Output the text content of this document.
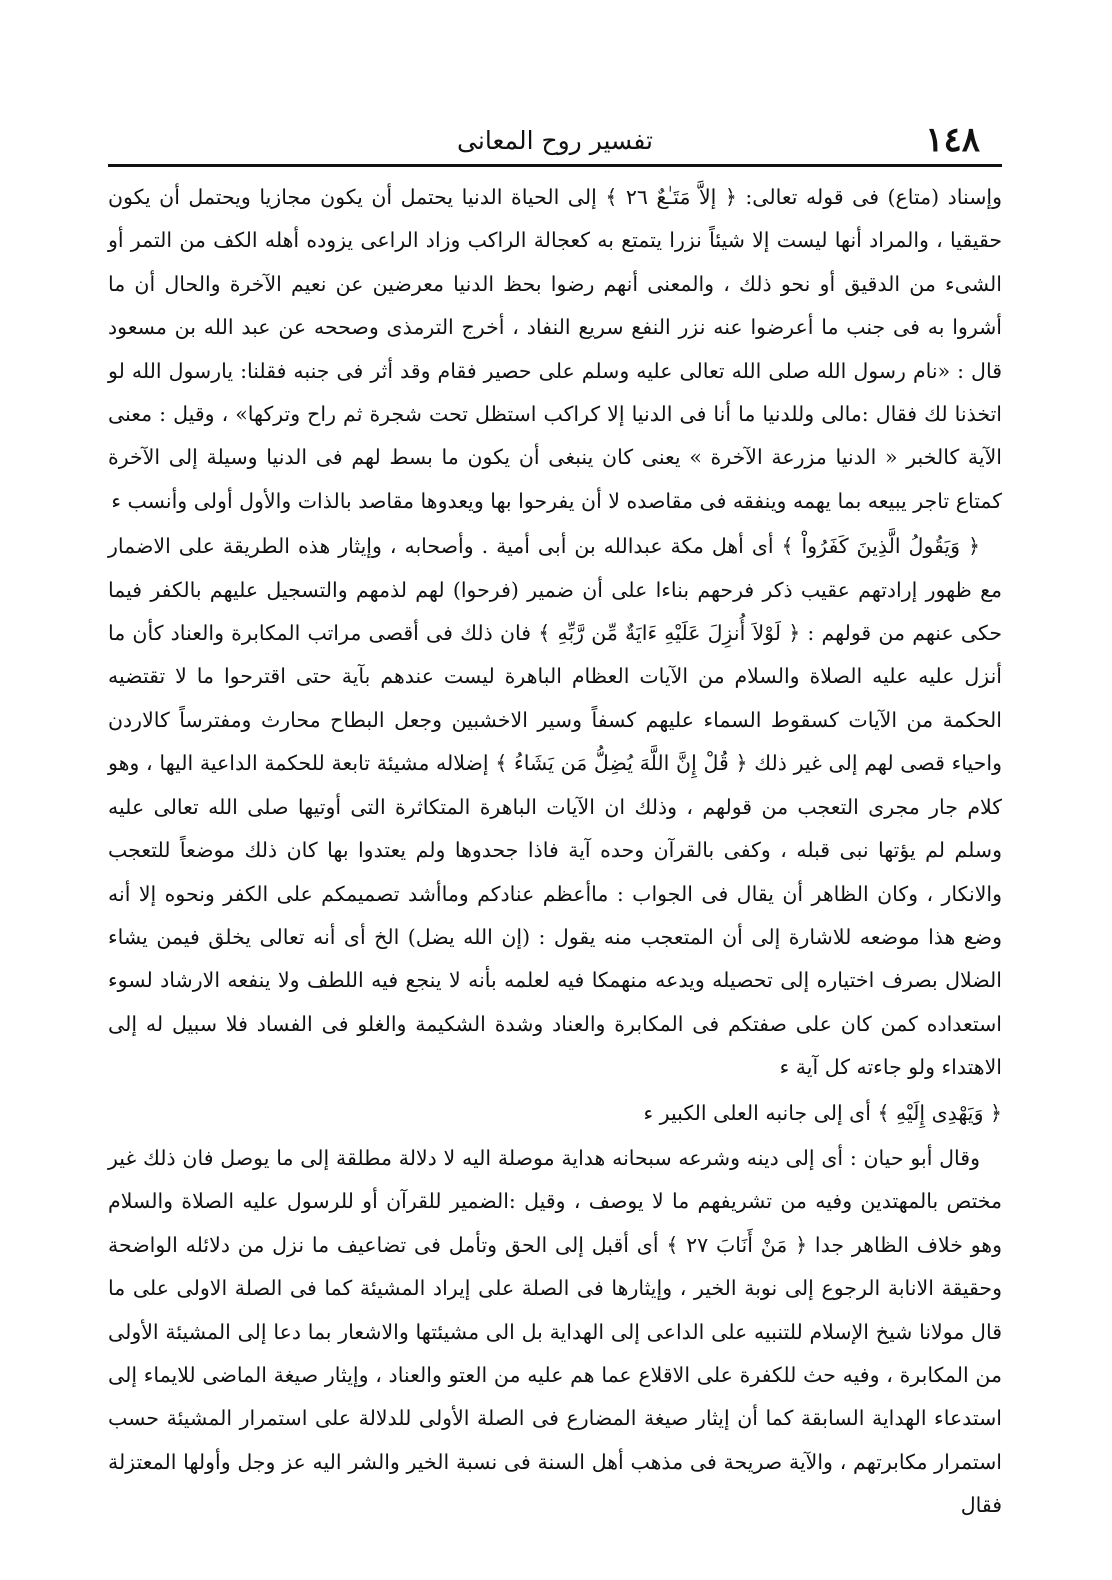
١٤٨
تفسير روح المعانى

وإسناد (متاع) فى قوله تعالى: ﴿ إلاَّ مَتَـٰعٌ ٢٦ ﴾ إلى الحياة الدنيا يحتمل أن يكون مجازيا ويحتمل أن يكون حقيقيا ، والمراد أنها ليست إلا شيئاً نزرا يتمتع به كعجالة الراكب وزاد الراعى يزوده أهله الكف من التمر أو الشىء من الدقيق أو نحو ذلك ، والمعنى أنهم رضوا بحظ الدنيا معرضين عن نعيم الآخرة والحال أن ما أشروا به فى جنب ما أعرضوا عنه نزر النفع سريع النفاد ، أخرج الترمذى وصححه عن عبد الله بن مسعود قال : «نام رسول الله صلى الله تعالى عليه وسلم على حصير فقام وقد أثر فى جنبه فقلنا: يارسول الله لو اتخذنا لك فقال :مالى وللدنيا ما أنا فى الدنيا إلا كراكب استظل تحت شجرة ثم راح وتركها» ، وقيل : معنى الآية كالخبر « الدنيا مزرعة الآخرة » يعنى كان ينبغى أن يكون ما بسط لهم فى الدنيا وسيلة إلى الآخرة كمتاع تاجر يبيعه بما يهمه وينفقه فى مقاصده لا أن يفرحوا بها ويعدوها مقاصد بالذات والأول أولى وأنسب ء

﴿ وَيَقُولُ الَّذِينَ كَفَرُواْ ﴾ أى أهل مكة عبدالله بن أبى أمية . وأصحابه ، وإيثار هذه الطريقة على الاضمار مع ظهور إرادتهم عقيب ذكر فرحهم بناءا على أن ضمير (فرحوا) لهم لذمهم والتسجيل عليهم بالكفر فيما حكى عنهم من قولهم : ﴿ لَوْلاَ أُنزِلَ عَلَيْهِ ءَايَةٌ مِّن رَّبِّهِ ﴾ فان ذلك فى أقصى مراتب المكابرة والعناد كأن ما أنزل عليه عليه الصلاة والسلام من الآيات العظام الباهرة ليست عندهم بآية حتى اقترحوا ما لا تقتضيه الحكمة من الآيات كسقوط السماء عليهم كسفاً وسير الاخشبين وجعل البطاح محارث ومفترساً كالاردن واحياء قصى لهم إلى غير ذلك ﴿ قُلْ إِنَّ اللَّهَ يُضِلُّ مَن يَشَاءُ ﴾ إضلاله مشيئة تابعة للحكمة الداعية اليها ، وهو كلام جار مجرى التعجب من قولهم ، وذلك ان الآيات الباهرة المتكاثرة التى أوتيها صلى الله تعالى عليه وسلم لم يؤتها نبى قبله ، وكفى بالقرآن وحده آية فاذا جحدوها ولم يعتدوا بها كان ذلك موضعاً للتعجب والانكار ، وكان الظاهر أن يقال فى الجواب : ماأعظم عنادكم وماأشد تصميمكم على الكفر ونحوه إلا أنه وضع هذا موضعه للاشارة إلى أن المتعجب منه يقول : (إن الله يضل) الخ أى أنه تعالى يخلق فيمن يشاء الضلال بصرف اختياره إلى تحصيله ويدعه منهمكا فيه لعلمه بأنه لا ينجع فيه اللطف ولا ينفعه الارشاد لسوء استعداده كمن كان على صفتكم فى المكابرة والعناد وشدة الشكيمة والغلو فى الفساد فلا سبيل له إلى الاهتداء ولو جاءته كل آية ء

﴿ وَيَهْدِى إِلَيْهِ ﴾ أى إلى جانبه العلى الكبير ء

وقال أبو حيان : أى إلى دينه وشرعه سبحانه هداية موصلة اليه لا دلالة مطلقة إلى ما يوصل فان ذلك غير مختص بالمهتدين وفيه من تشريفهم ما لا يوصف ، وقيل :الضمير للقرآن أو للرسول عليه الصلاة والسلام وهو خلاف الظاهر جدا ﴿ مَنْ أَنَابَ ٢٧ ﴾ أى أقبل إلى الحق وتأمل فى تضاعيف ما نزل من دلائله الواضحة وحقيقة الانابة الرجوع إلى نوبة الخير ، وإيثارها فى الصلة على إيراد المشيئة كما فى الصلة الاولى على ما قال مولانا شيخ الإسلام للتنبيه على الداعى إلى الهداية بل الى مشيئتها والاشعار بما دعا إلى المشيئة الأولى من المكابرة ، وفيه حث للكفرة على الاقلاع عما هم عليه من العتو والعناد ، وإيثار صيغة الماضى للايماء إلى استدعاء الهداية السابقة كما أن إيثار صيغة المضارع فى الصلة الأولى للدلالة على استمرار المشيئة حسب استمرار مكابرتهم ، والآية صريحة فى مذهب أهل السنة فى نسبة الخير والشر اليه عز وجل وأولها المعتزلة فقال
